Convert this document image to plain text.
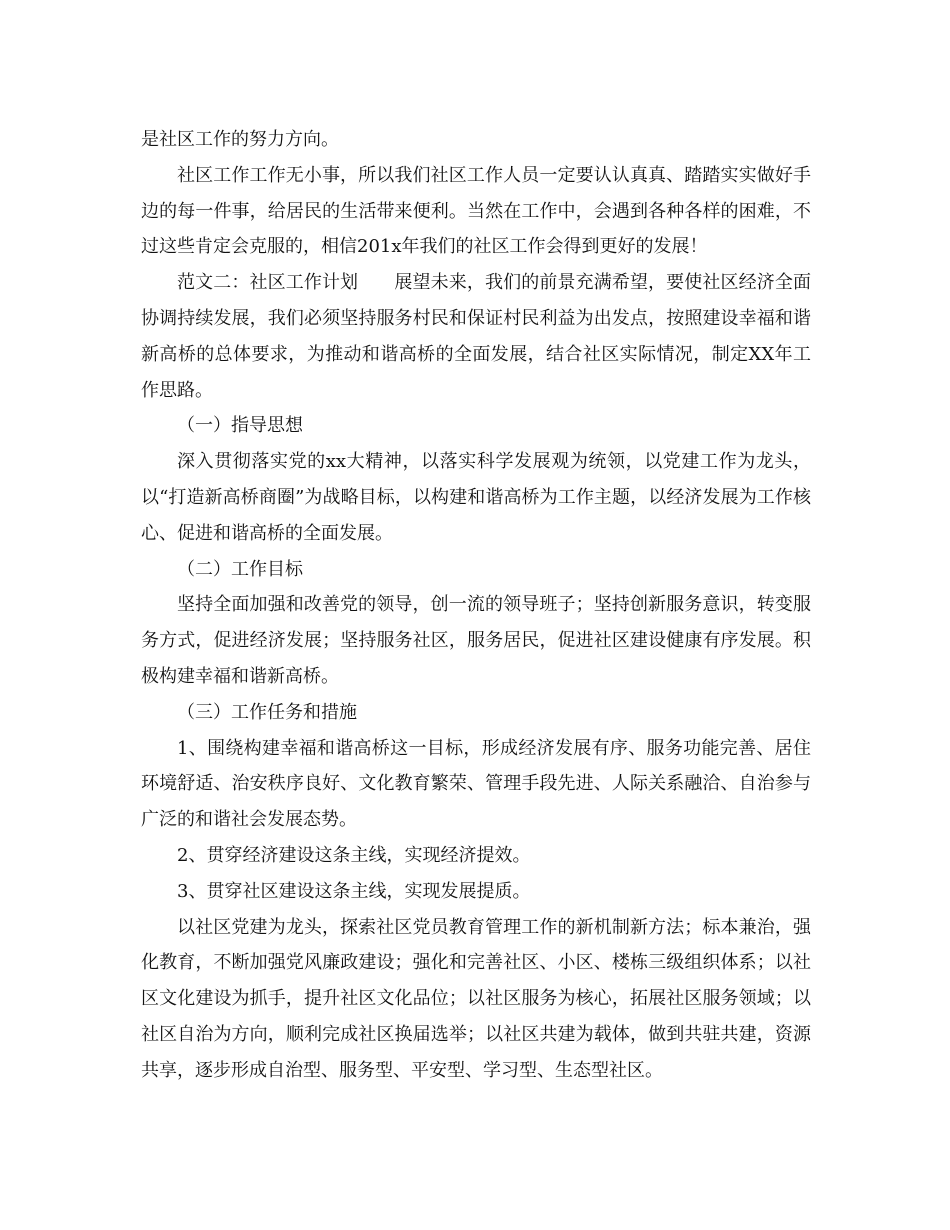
是社区工作的努力方向。

社区工作工作无小事，所以我们社区工作人员一定要认认真真、踏踏实实做好手边的每一件事，给居民的生活带来便利。当然在工作中，会遇到各种各样的困难，不过这些肯定会克服的，相信201x年我们的社区工作会得到更好的发展！

范文二：社区工作计划　　展望未来，我们的前景充满希望，要使社区经济全面协调持续发展，我们必须坚持服务村民和保证村民利益为出发点，按照建设幸福和谐新高桥的总体要求，为推动和谐高桥的全面发展，结合社区实际情况，制定XX年工作思路。

（一）指导思想

深入贯彻落实党的xx大精神，以落实科学发展观为统领，以党建工作为龙头，以“打造新高桥商圈”为战略目标，以构建和谐高桥为工作主题，以经济发展为工作核心、促进和谐高桥的全面发展。

（二）工作目标

坚持全面加强和改善党的领导，创一流的领导班子；坚持创新服务意识，转变服务方式，促进经济发展；坚持服务社区，服务居民，促进社区建设健康有序发展。积极构建幸福和谐新高桥。

（三）工作任务和措施

1、围绕构建幸福和谐高桥这一目标，形成经济发展有序、服务功能完善、居住环境舒适、治安秩序良好、文化教育繁荣、管理手段先进、人际关系融洽、自治参与广泛的和谐社会发展态势。

2、贯穿经济建设这条主线，实现经济提效。

3、贯穿社区建设这条主线，实现发展提质。

以社区党建为龙头，探索社区党员教育管理工作的新机制新方法；标本兼治，强化教育，不断加强党风廉政建设；强化和完善社区、小区、楼栋三级组织体系；以社区文化建设为抓手，提升社区文化品位；以社区服务为核心，拓展社区服务领域；以社区自治为方向，顺利完成社区换届选举；以社区共建为载体，做到共驻共建，资源共享，逐步形成自治型、服务型、平安型、学习型、生态型社区。
